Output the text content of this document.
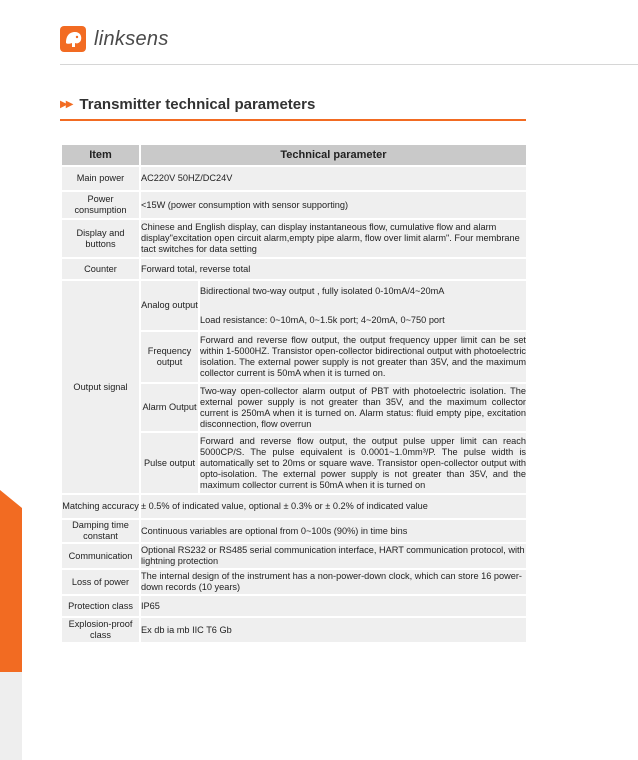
linksens
▶▶ Transmitter technical parameters
Item	Technical parameter	
Main power	AC220V 50HZ/DC24V	
Power consumption	<15W (power consumption with sensor supporting)	
Display and buttons	Chinese and English display, can display instantaneous flow, cumulative flow and alarm display"excitation open circuit alarm,empty pipe alarm, flow over limit alarm". Four membrane tact switches for data setting	
Counter	Forward total, reverse total	
Output signal	Analog output	Bidirectional two-way output , fully isolated 0-10mA/4~20mA
Load resistance: 0~10mA, 0~1.5k port; 4~20mA, 0~750 port

	Frequency output	Forward and reverse flow output, the output frequency upper limit can be set within 1-5000HZ. Transistor open-collector bidirectional output with photoelectric isolation. The external power supply is not greater than 35V, and the maximum collector current is 50mA when it is turned on.
	Alarm Output	Two-way open-collector alarm output of PBT with photoelectric isolation. The external power supply is not greater than 35V, and the maximum collector current is 250mA when it is turned on. Alarm status: fluid empty pipe, excitation disconnection, flow overrun
	Pulse output	Forward and reverse flow output, the output pulse upper limit can reach 5000CP/S. The pulse equivalent is 0.0001~1.0mm³/P. The pulse width is automatically set to 20ms or square wave. Transistor open-collector output with opto-isolation. The external power supply is not greater than 35V, and the maximum collector current is 50mA when it is turned on
Matching accuracy	± 0.5% of indicated value, optional ± 0.3% or ± 0.2% of indicated value	
Damping time constant	Continuous variables are optional from 0~100s (90%) in time bins	
Communication	Optional RS232 or RS485 serial communication interface, HART communication protocol, with lightning protection	
Loss of power	The internal design of the instrument has a non-power-down clock, which can store 16 power-down records (10 years)	
Protection class	IP65	
Explosion-proof class	Ex db ia mb IIC T6 Gb	
